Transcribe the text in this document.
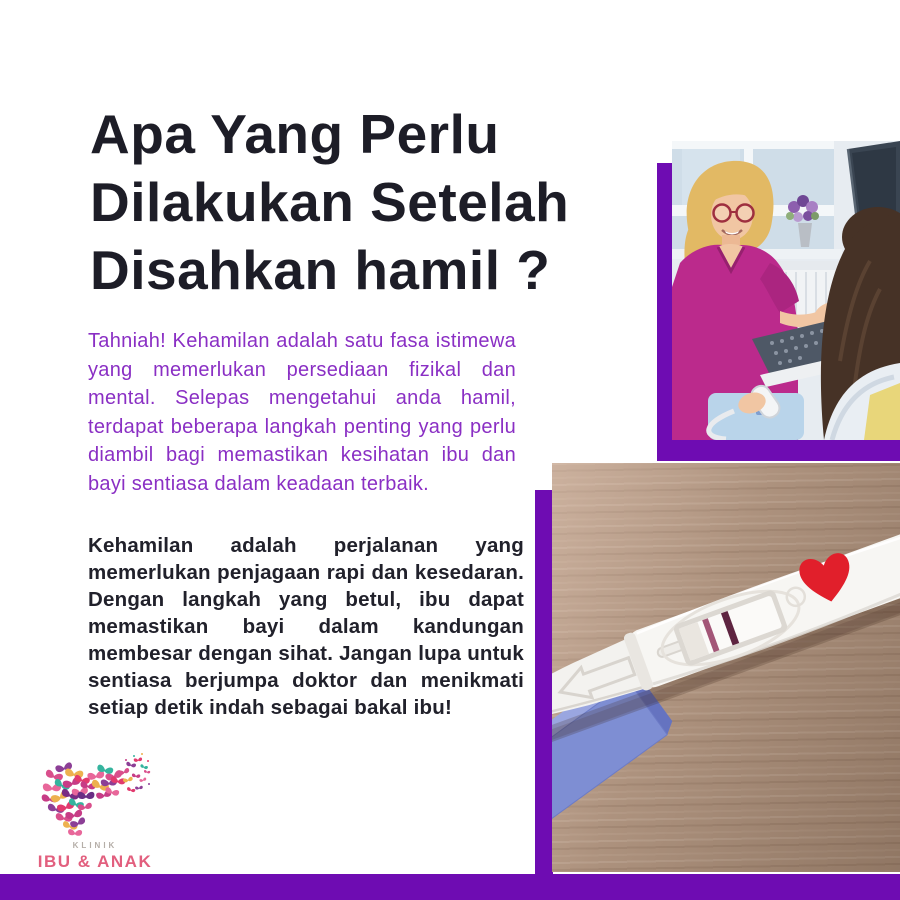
Apa Yang Perlu
Dilakukan Setelah
Disahkan hamil ?

Tahniah! Kehamilan adalah satu fasa istimewa yang memerlukan persediaan fizikal dan mental. Selepas mengetahui anda hamil, terdapat beberapa langkah penting yang perlu diambil bagi memastikan kesihatan ibu dan bayi sentiasa dalam keadaan terbaik.

Kehamilan adalah perjalanan yang memerlukan penjagaan rapi dan kesedaran. Dengan langkah yang betul, ibu dapat memastikan bayi dalam kandungan membesar dengan sihat. Jangan lupa untuk sentiasa berjumpa doktor dan menikmati setiap detik indah sebagai bakal ibu!

KLINIK
IBU & ANAK
